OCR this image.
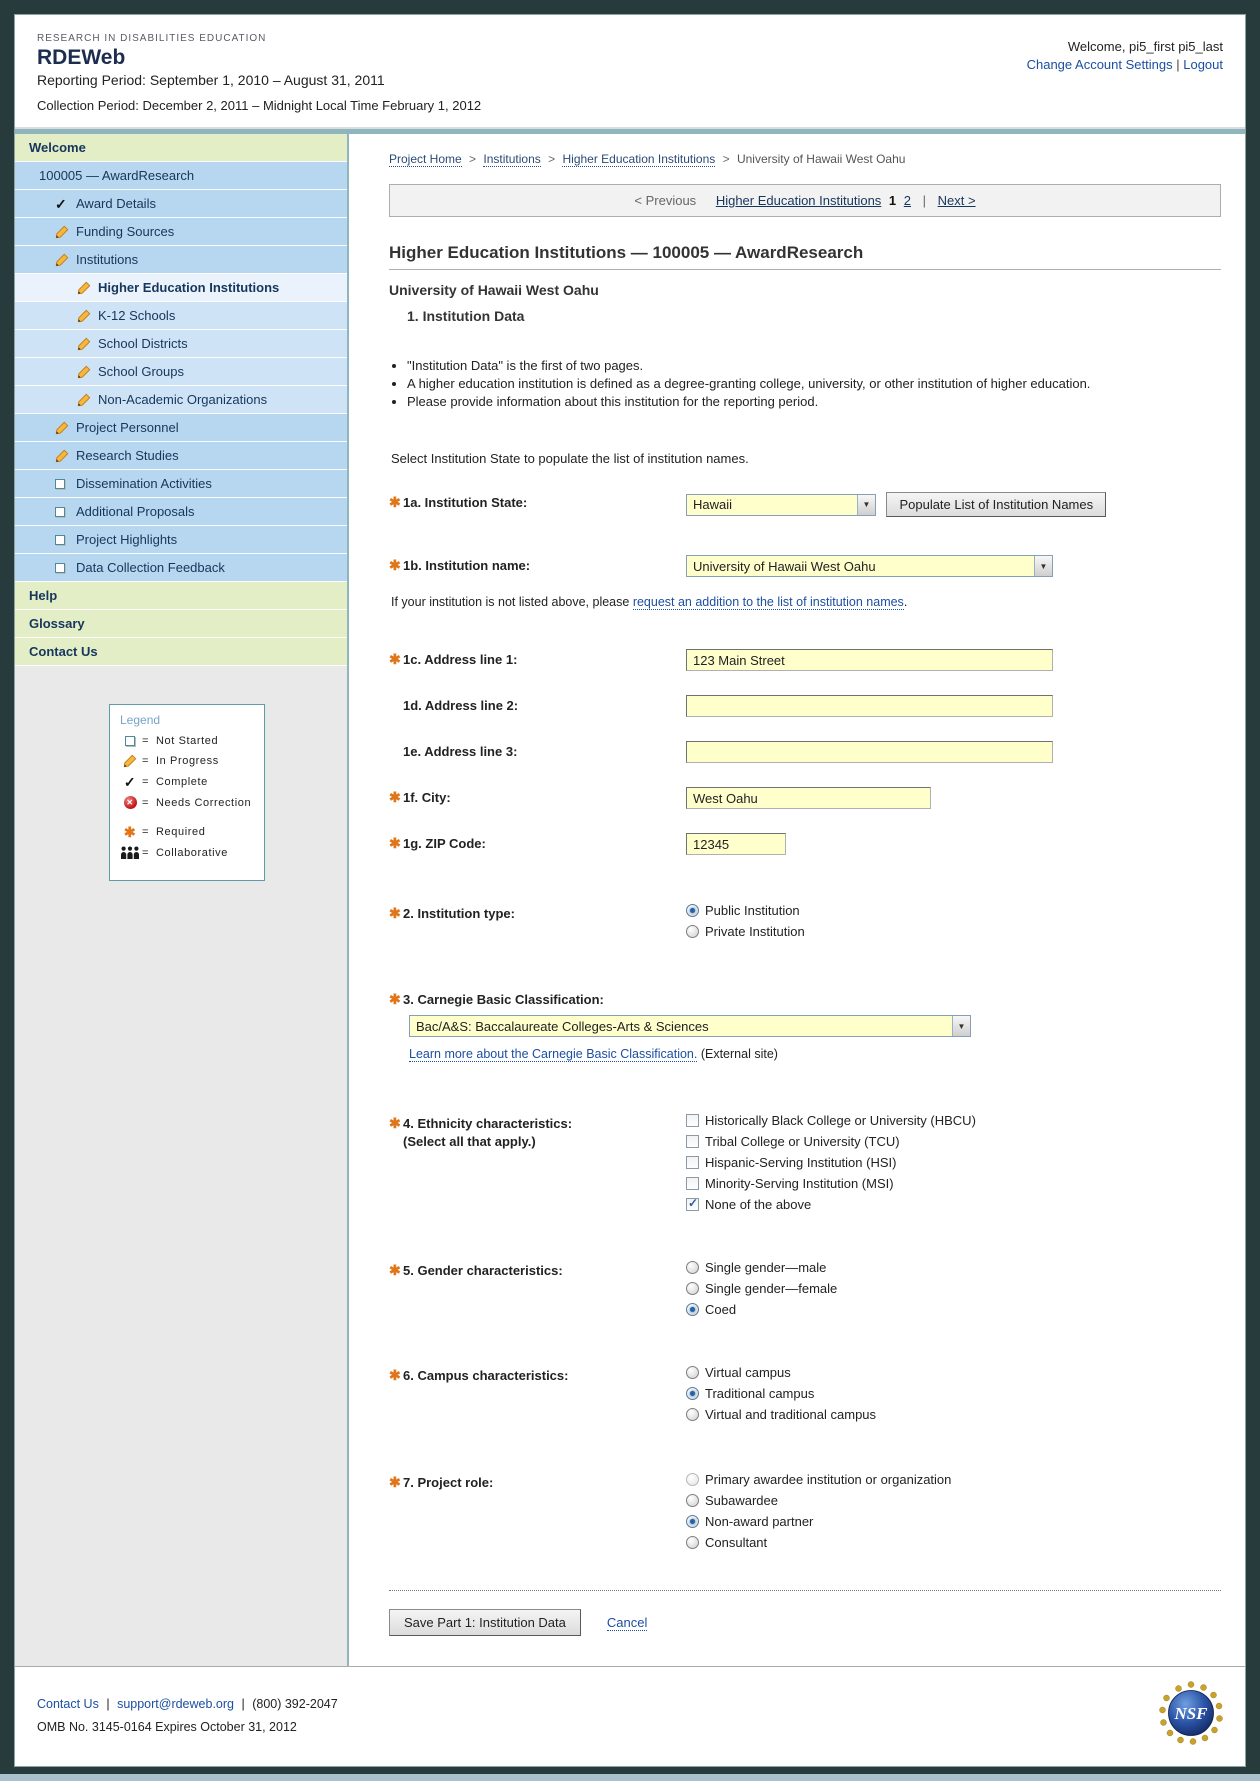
RESEARCH IN DISABILITIES EDUCATION
RDEWeb
Reporting Period: September 1, 2010 – August 31, 2011
Collection Period: December 2, 2011 – Midnight Local Time February 1, 2012
Welcome, pi5_first pi5_last
Change Account Settings | Logout
Welcome
100005 — AwardResearch
✓ Award Details
Funding Sources
Institutions
Higher Education Institutions
K-12 Schools
School Districts
School Groups
Non-Academic Organizations
Project Personnel
Research Studies
Dissemination Activities
Additional Proposals
Project Highlights
Data Collection Feedback
Help
Glossary
Contact Us
Legend
= Not Started
= In Progress
✓ = Complete
✕ = Needs Correction
✱ = Required
= Collaborative
Project Home > Institutions > Higher Education Institutions > University of Hawaii West Oahu
< Previous Higher Education Institutions 1 2 | Next >
Higher Education Institutions — 100005 — AwardResearch
University of Hawaii West Oahu
1. Institution Data
• "Institution Data" is the first of two pages.
• A higher education institution is defined as a degree-granting college, university, or other institution of higher education.
• Please provide information about this institution for the reporting period.
Select Institution State to populate the list of institution names.
✱ 1a. Institution State:	Hawaii	▼	Populate List of Institution Names
✱ 1b. Institution name:	University of Hawaii West Oahu	▼
If your institution is not listed above, please request an addition to the list of institution names.
✱ 1c. Address line 1:
123 Main Street
1d. Address line 2:
1e. Address line 3:
✱ 1f. City:
West Oahu
✱ 1g. ZIP Code:
12345
✱ 2. Institution type:	Public Institution
Private Institution
✱ 3. Carnegie Basic Classification:
Bac/A&S: Baccalaureate Colleges-Arts & Sciences	▼
Learn more about the Carnegie Basic Classification. (External site)
✱ 4. Ethnicity characteristics:
(Select all that apply.)
Historically Black College or University (HBCU)
Tribal College or University (TCU)
Hispanic-Serving Institution (HSI)
Minority-Serving Institution (MSI)
✓
None of the above
✱ 5. Gender characteristics:	Single gender—male
Single gender—female
Coed
✱ 6. Campus characteristics:	Virtual campus
Traditional campus
Virtual and traditional campus
✱ 7. Project role:	Primary awardee institution or organization
Subawardee
Non-award partner
Consultant
Save Part 1: Institution Data	Cancel
Contact Us | support@rdeweb.org | (800) 392-2047
OMB No. 3145-0164 Expires October 31, 2012
NSF
